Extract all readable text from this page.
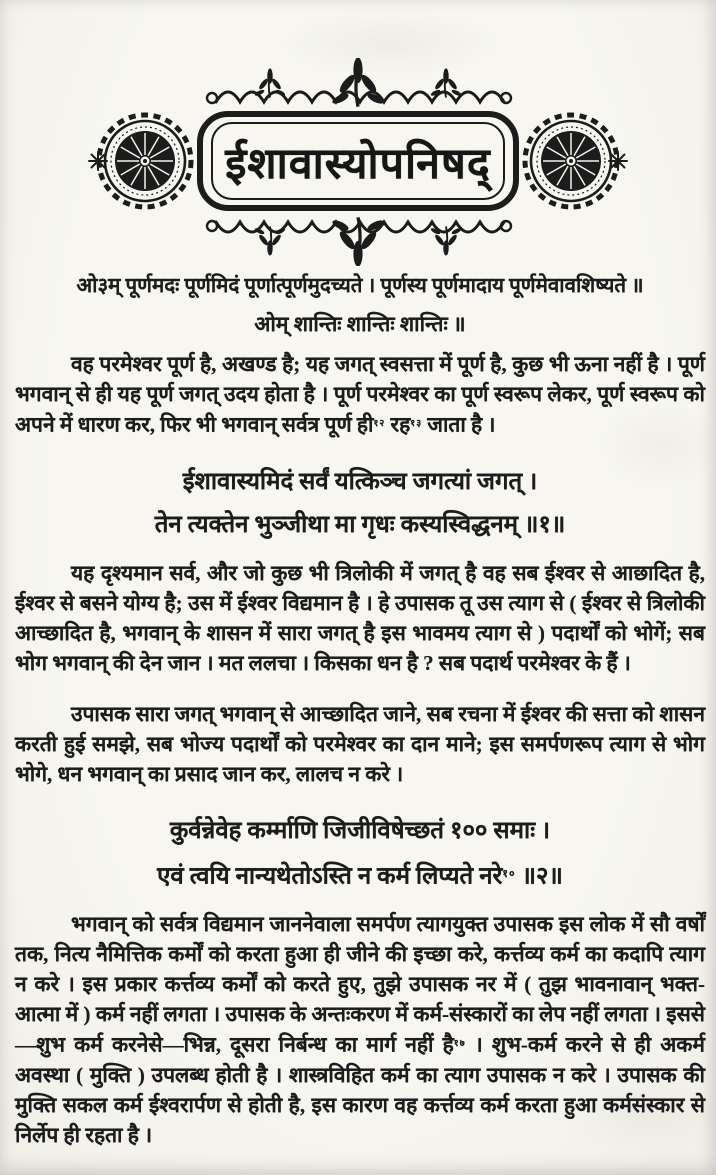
ईशावास्योपनिषद्
ओ३म् पूर्णमदः पूर्णमिदं पूर्णात्पूर्णमुदच्यते । पूर्णस्य पूर्णमादाय पूर्णमेवावशिष्यते ॥
ओम् शान्तिः शान्तिः शान्तिः ॥

वह परमेश्वर पूर्ण है, अखण्ड है; यह जगत् स्वसत्ता में पूर्ण है, कुछ भी ऊना नहीं है । पूर्ण भगवान् से ही यह पूर्ण जगत् उदय होता है । पूर्ण परमेश्वर का पूर्ण स्वरूप लेकर, पूर्ण स्वरूप को अपने में धारण कर, फिर भी भगवान् सर्वत्र पूर्ण ही$^{१२}$ रह$^{१३}$ जाता है ।

ईशावास्यमिदं सर्वं यत्किञ्च जगत्यां जगत् ।
तेन त्यक्तेन भुञ्जीथा मा गृधः कस्यस्विद्धनम् ॥१॥

यह दृश्यमान सर्व, और जो कुछ भी त्रिलोकी में जगत् है वह सब ईश्वर से आछादित है, ईश्वर से बसने योग्य है; उस में ईश्वर विद्यमान है । हे उपासक तू उस त्याग से ( ईश्वर से त्रिलोकी आच्छादित है, भगवान् के शासन में सारा जगत् है इस भावमय त्याग से ) पदार्थों को भोगें; सब भोग भगवान् की देन जान । मत ललचा । किसका धन है ? सब पदार्थ परमेश्वर के हैं ।

उपासक सारा जगत् भगवान् से आच्छादित जाने, सब रचना में ईश्वर की सत्ता को शासन करती हुई समझे, सब भोज्य पदार्थों को परमेश्वर का दान माने; इस समर्पणरूप त्याग से भोग भोगे, धन भगवान् का प्रसाद जान कर, लालच न करे ।

कुर्वन्नेवेह कर्म्माणि जिजीविषेच्छतं १०० समाः ।
एवं त्वयि नान्यथेतोऽस्ति न कर्म लिप्यते नरे$^{१०}$ ॥२॥

भगवान् को सर्वत्र विद्यमान जाननेवाला समर्पण त्यागयुक्त उपासक इस लोक में सौ वर्षों तक, नित्य नैमित्तिक कर्मों को करता हुआ ही जीने की इच्छा करे, कर्त्तव्य कर्म का कदापि त्याग न करे । इस प्रकार कर्त्तव्य कर्मों को करते हुए, तुझे उपासक नर में ( तुझ भावनावान् भक्त-आत्मा में ) कर्म नहीं लगता । उपासक के अन्तःकरण में कर्म-संस्कारों का लेप नहीं लगता । इससे—शुभ कर्म करनेसे—भिन्न, दूसरा निर्बन्ध का मार्ग नहीं है$^{१७}$ । शुभ-कर्म करने से ही अकर्म अवस्था ( मुक्ति ) उपलब्ध होती है । शास्त्रविहित कर्म का त्याग उपासक न करे । उपासक की मुक्ति सकल कर्म ईश्वरार्पण से होती है, इस कारण वह कर्त्तव्य कर्म करता हुआ कर्मसंस्कार से निर्लेप ही रहता है ।
